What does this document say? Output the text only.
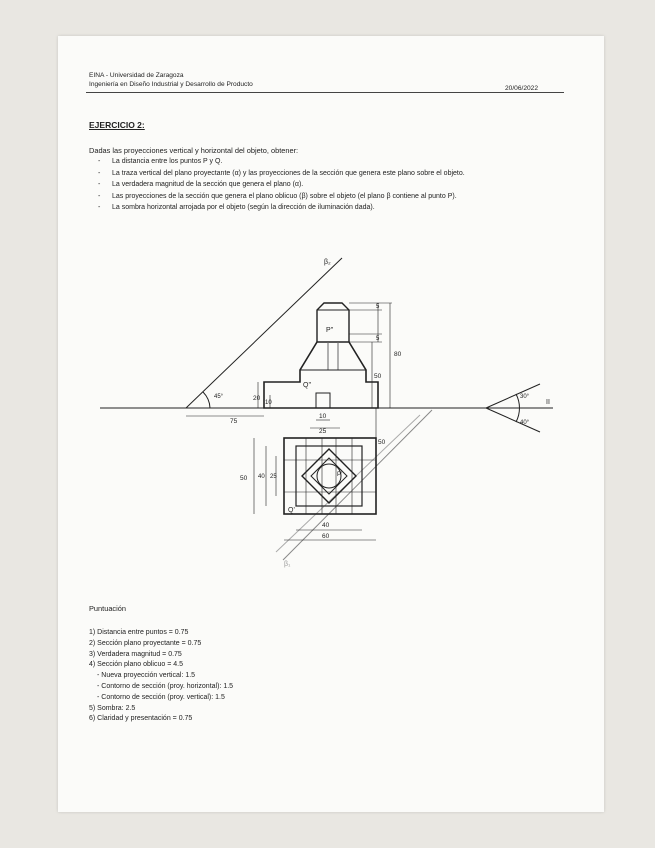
EINA - Universidad de Zaragoza
Ingeniería en Diseño Industrial y Desarrollo de Producto
20/06/2022
EJERCICIO 2:
Dadas las proyecciones vertical y horizontal del objeto, obtener:
- La distancia entre los puntos P y Q.
- La traza vertical del plano proyectante (α) y las proyecciones de la sección que genera este plano sobre el objeto.
- La verdadera magnitud de la sección que genera el plano (α).
- Las proyecciones de la sección que genera el plano oblicuo (β) sobre el objeto (el plano β contiene al punto P).
- La sombra horizontal arrojada por el objeto (según la dirección de iluminación dada).
β₂
β₁
P''
Q''
P'
Q'
II
5
5
80
50
20
10
75
10
25
50
50 40 25
40
60
45°	30°
40°
Puntuación
1) Distancia entre puntos = 0.75
2) Sección plano proyectante = 0.75
3) Verdadera magnitud = 0.75
4) Sección plano oblicuo = 4.5
- Nueva proyección vertical: 1.5
- Contorno de sección (proy. horizontal): 1.5
- Contorno de sección (proy. vertical): 1.5
5) Sombra: 2.5
6) Claridad y presentación = 0.75
